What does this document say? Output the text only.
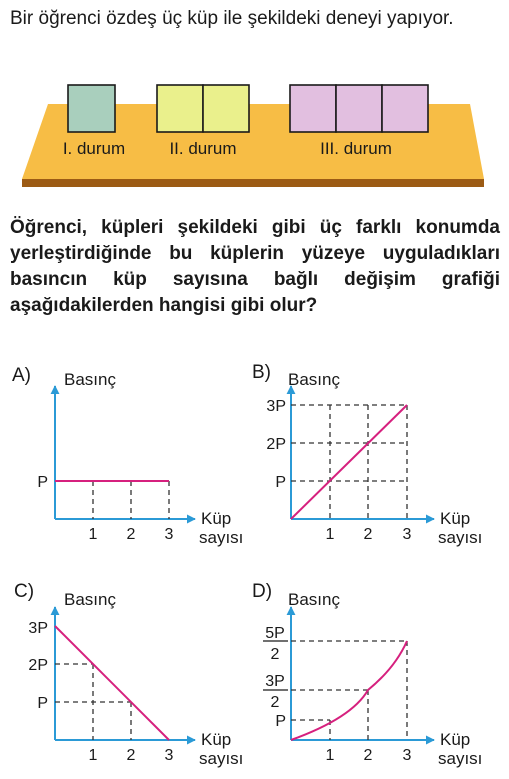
Bir öğrenci özdeş üç küp ile şekildeki deneyi yapıyor.

I. durum	II. durum	III. durum
A) Basınç
P
1 2 3
Küp
sayısı
B) Basınç
P
2P
3P
1 2 3
Küp
sayısı
C) Basınç
P
2P
3P
1 2 3
Küp
sayısı
D) Basınç
P
3P
2
5P
2
1 2 3
Küp
sayısı

Öğrenci, küpleri şekildeki gibi üç farklı konumda yerleştirdiğinde bu küplerin yüzeye uyguladıkları basıncın küp sayısına bağlı değişim grafiği aşağıdakilerden hangisi gibi olur?
